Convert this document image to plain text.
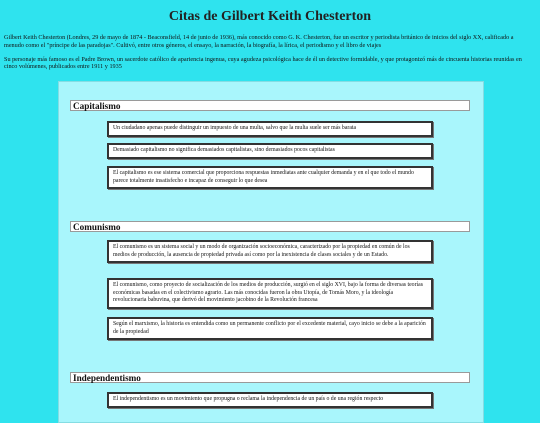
Citas de Gilbert Keith Chesterton

Gilbert Keith Chesterton (Londres, 29 de mayo de 1874 - Beaconsfield, 14 de junio de 1936), más conocido como G. K. Chesterton, fue un escritor y periodista británico de inicios del siglo XX, calificado a menudo como el "príncipe de las paradojas". Cultivó, entre otros géneros, el ensayo, la narración, la biografía, la lírica, el periodismo y el libro de viajes

Su personaje más famoso es el Padre Brown, un sacerdote católico de apariencia ingenua, cuya agudeza psicológica hace de él un detective formidable, y que protagonizó más de cincuenta historias reunidas en cinco volúmenes, publicados entre 1911 y 1935

Capitalismo
Un ciudadano apenas puede distinguir un impuesto de una multa, salvo que la multa suele ser más barata
Demasiado capitalismo no significa demasiados capitalistas, sino demasiados pocos capitalistas
El capitalismo es ese sistema comercial que proporciona respuestas inmediatas ante cualquier demanda y en el que todo el mundo parece totalmente insatisfecho e incapaz de conseguir lo que desea
Comunismo
El comunismo es un sistema social y un modo de organización socioeconómica, caracterizado por la propiedad en común de los medios de producción, la ausencia de propiedad privada así como por la inexistencia de clases sociales y de un Estado.
El comunismo, como proyecto de socialización de los medios de producción, surgió en el siglo XVI, bajo la forma de diversas teorías económicas basadas en el colectivismo agrario. Las más conocidas fueron la obra Utopía, de Tomás Moro, y la ideología revolucionaria babuvina, que derivó del movimiento jacobino de la Revolución francesa
Según el marxismo, la historia es entendida como un permanente conflicto por el excedente material, cayo inicio se debe a la aparición de la propiedad
Independentismo
El independentismo es un movimiento que propugna o reclama la independencia de un país o de una región respecto
